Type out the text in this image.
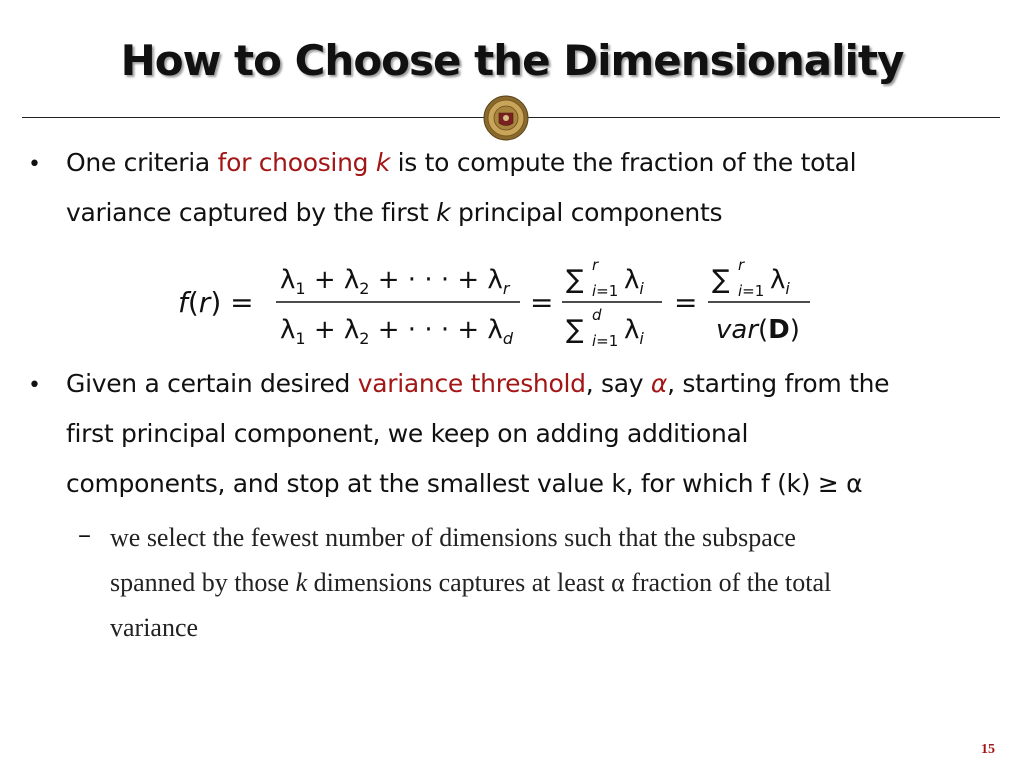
How to Choose the Dimensionality
• One criteria for choosing k is to compute the fraction of the total
variance captured by the first k principal components
f(r) =
$\lambda_1 + \lambda_2$ + · · · + $\lambda_r$
$\lambda_1 + \lambda_2$ + · · · + $\lambda_d$
=
∑ r
i=1 $\lambda_i$
∑ d
i=1 $\lambda_i$
=
∑ r
i=1 $\lambda_i$
var(D)
• Given a certain desired variance threshold, say α, starting from the
first principal component, we keep on adding additional
components, and stop at the smallest value k, for which f (k) ≥ α
– we select the fewest number of dimensions such that the subspace
spanned by those k dimensions captures at least α fraction of the total
variance
15
